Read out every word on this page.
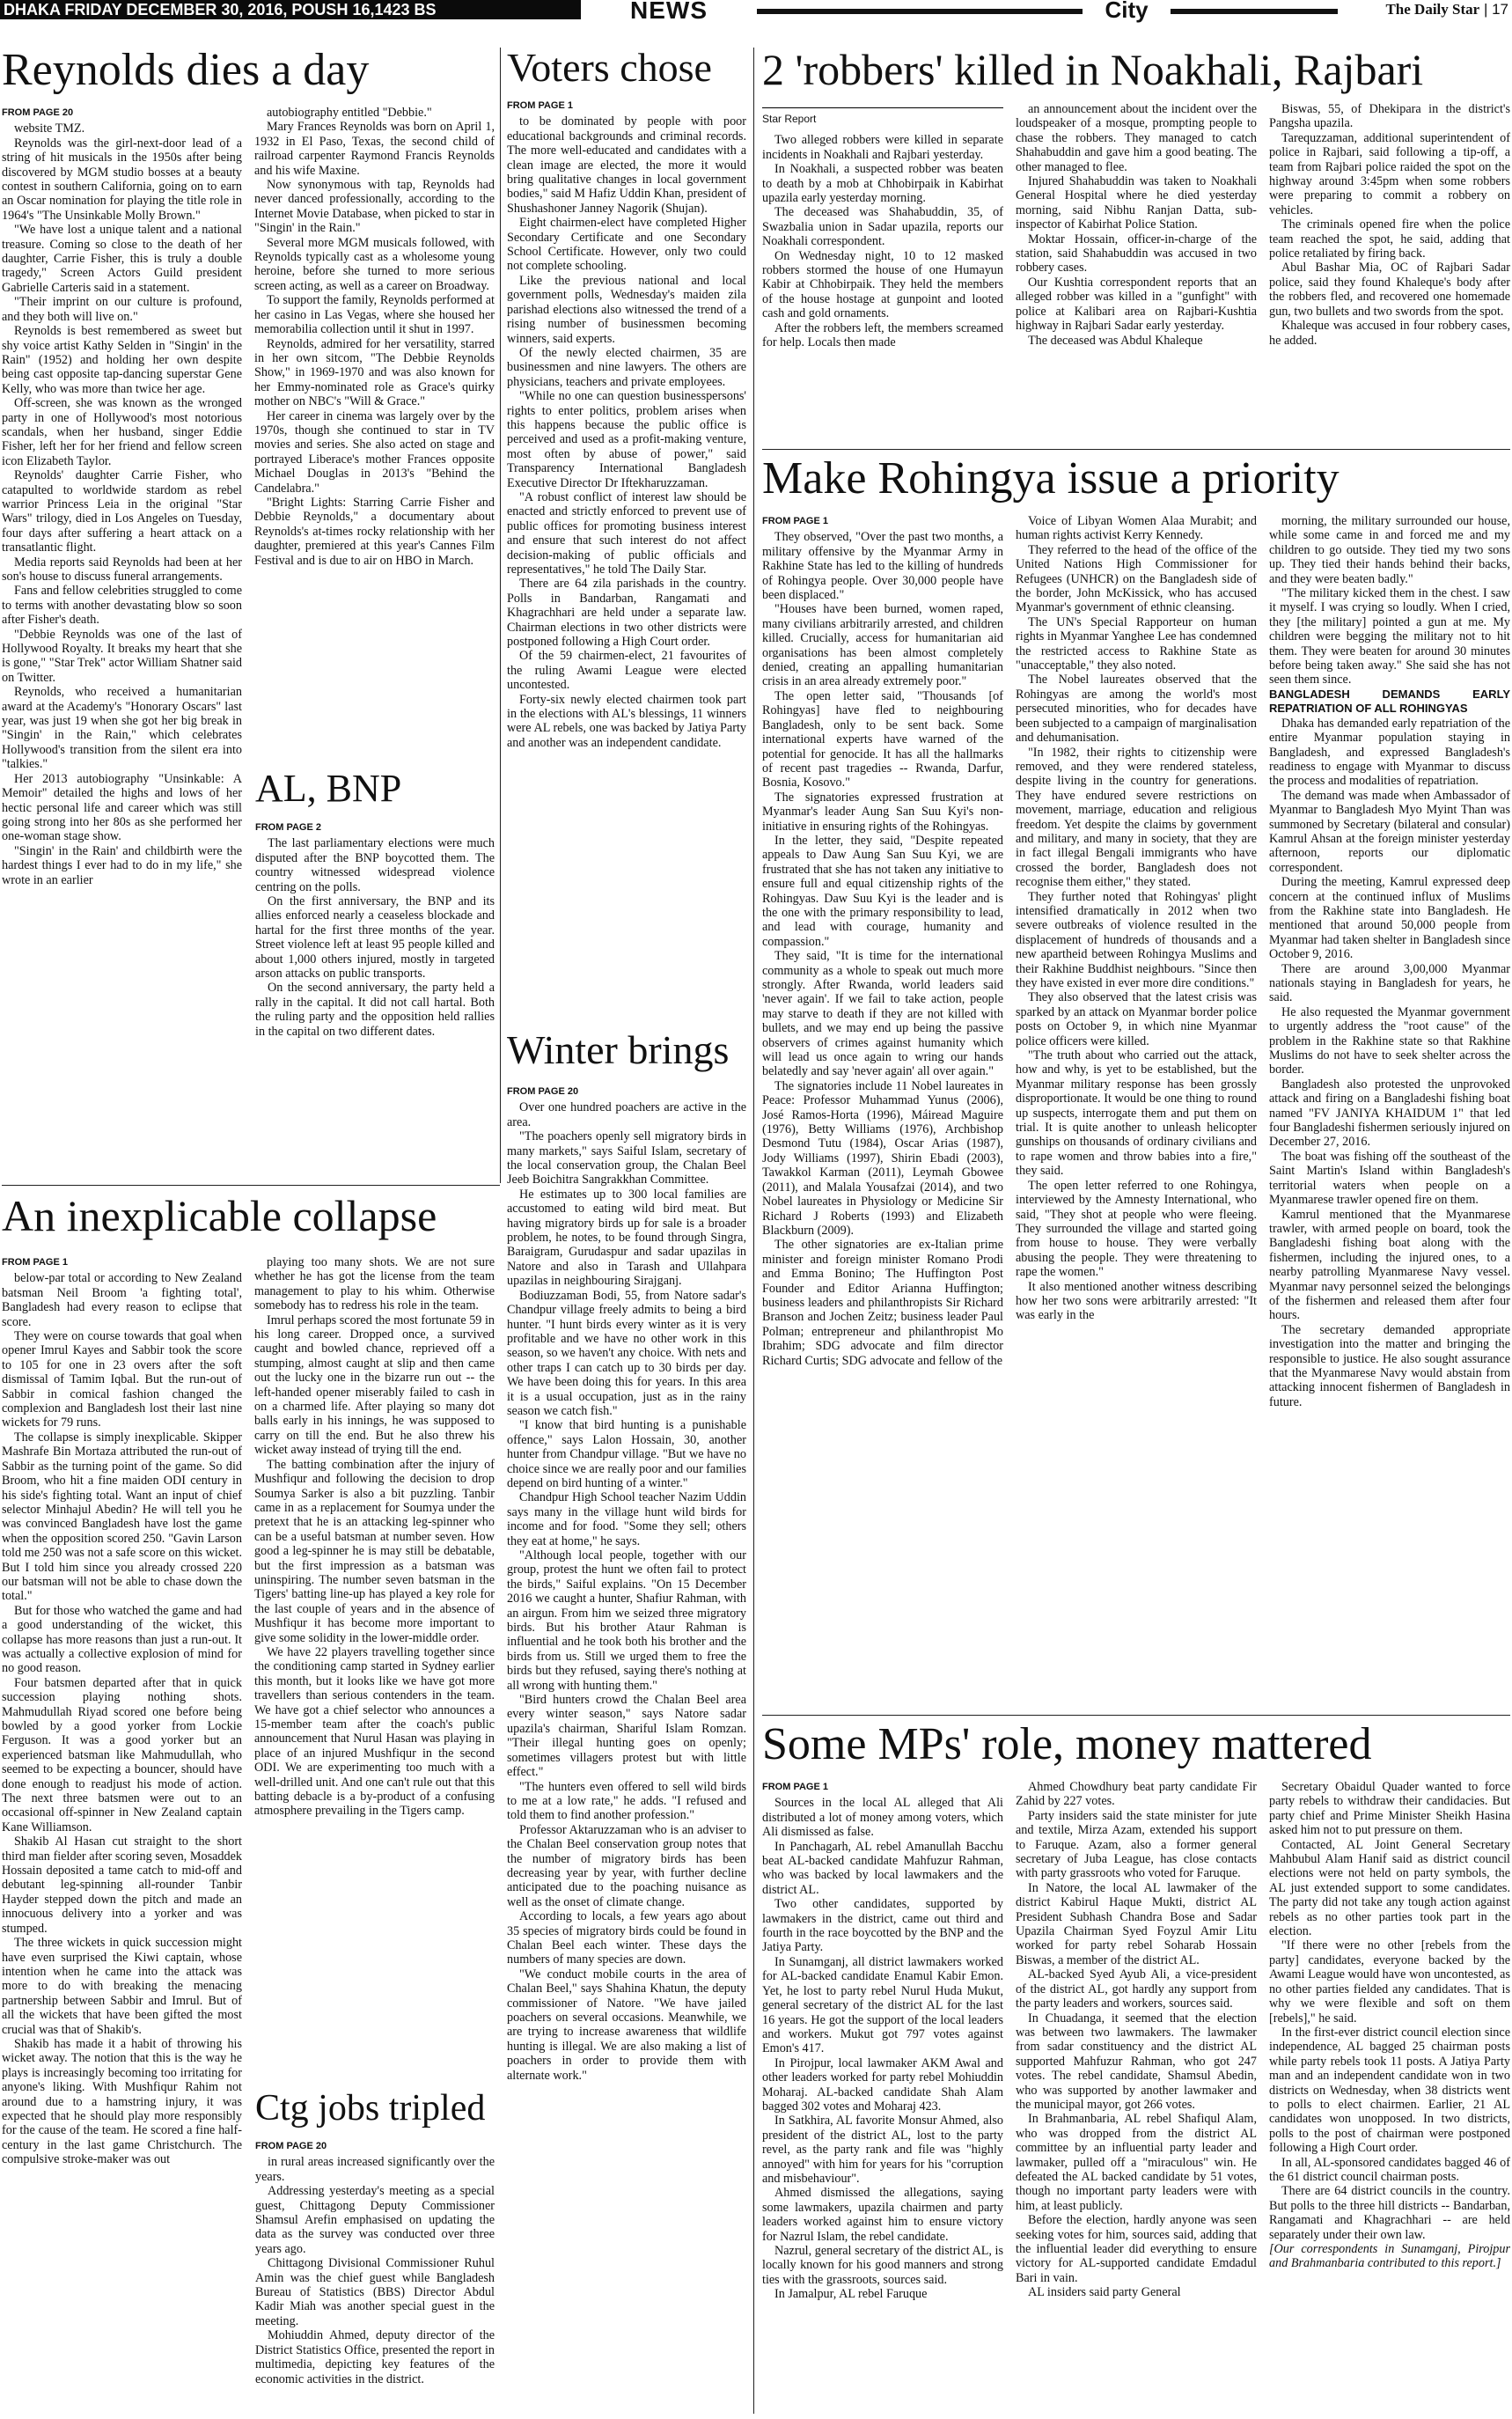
DHAKA FRIDAY DECEMBER 30, 2016, POUSH 16,1423 BS	NEWS	City	The Daily Star | 17
Reynolds dies a day

FROM PAGE 20

website TMZ.

Reynolds was the girl-next-door lead of a string of hit musicals in the 1950s after being discovered by MGM studio bosses at a beauty contest in southern California, going on to earn an Oscar nomination for playing the title role in 1964's "The Unsinkable Molly Brown."

"We have lost a unique talent and a national treasure. Coming so close to the death of her daughter, Carrie Fisher, this is truly a double tragedy," Screen Actors Guild president Gabrielle Carteris said in a statement.

"Their imprint on our culture is profound, and they both will live on."

Reynolds is best remembered as sweet but shy voice artist Kathy Selden in "Singin' in the Rain" (1952) and holding her own despite being cast opposite tap-dancing superstar Gene Kelly, who was more than twice her age.

Off-screen, she was known as the wronged party in one of Hollywood's most notorious scandals, when her husband, singer Eddie Fisher, left her for her friend and fellow screen icon Elizabeth Taylor.

Reynolds' daughter Carrie Fisher, who catapulted to worldwide stardom as rebel warrior Princess Leia in the original "Star Wars" trilogy, died in Los Angeles on Tuesday, four days after suffering a heart attack on a transatlantic flight.

Media reports said Reynolds had been at her son's house to discuss funeral arrangements.

Fans and fellow celebrities struggled to come to terms with another devastating blow so soon after Fisher's death.

"Debbie Reynolds was one of the last of Hollywood Royalty. It breaks my heart that she is gone," "Star Trek" actor William Shatner said on Twitter.

Reynolds, who received a humanitarian award at the Academy's "Honorary Oscars" last year, was just 19 when she got her big break in "Singin' in the Rain," which celebrates Hollywood's transition from the silent era into "talkies."

Her 2013 autobiography "Unsinkable: A Memoir" detailed the highs and lows of her hectic personal life and career which was still going strong into her 80s as she performed her one-woman stage show.

"Singin' in the Rain' and childbirth were the hardest things I ever had to do in my life," she wrote in an earlier

autobiography entitled "Debbie."

Mary Frances Reynolds was born on April 1, 1932 in El Paso, Texas, the second child of railroad carpenter Raymond Francis Reynolds and his wife Maxine.

Now synonymous with tap, Reynolds had never danced professionally, according to the Internet Movie Database, when picked to star in "Singin' in the Rain."

Several more MGM musicals followed, with Reynolds typically cast as a wholesome young heroine, before she turned to more serious screen acting, as well as a career on Broadway.

To support the family, Reynolds performed at her casino in Las Vegas, where she housed her memorabilia collection until it shut in 1997.

Reynolds, admired for her versatility, starred in her own sitcom, "The Debbie Reynolds Show," in 1969-1970 and was also known for her Emmy-nominated role as Grace's quirky mother on NBC's "Will & Grace."

Her career in cinema was largely over by the 1970s, though she continued to star in TV movies and series. She also acted on stage and portrayed Liberace's mother Frances opposite Michael Douglas in 2013's "Behind the Candelabra."

"Bright Lights: Starring Carrie Fisher and Debbie Reynolds," a documentary about Reynolds's at-times rocky relationship with her daughter, premiered at this year's Cannes Film Festival and is due to air on HBO in March.

AL, BNP

FROM PAGE 2

The last parliamentary elections were much disputed after the BNP boycotted them. The country witnessed widespread violence centring on the polls.

On the first anniversary, the BNP and its allies enforced nearly a ceaseless blockade and hartal for the first three months of the year. Street violence left at least 95 people killed and about 1,000 others injured, mostly in targeted arson attacks on public transports.

On the second anniversary, the party held a rally in the capital. It did not call hartal. Both the ruling party and the opposition held rallies in the capital on two different dates.

Voters chose

FROM PAGE 1

to be dominated by people with poor educational backgrounds and criminal records. The more well-educated and candidates with a clean image are elected, the more it would bring qualitative changes in local government bodies," said M Hafiz Uddin Khan, president of Shushashoner Janney Nagorik (Shujan).

Eight chairmen-elect have completed Higher Secondary Certificate and one Secondary School Certificate. However, only two could not complete schooling.

Like the previous national and local government polls, Wednesday's maiden zila parishad elections also witnessed the trend of a rising number of businessmen becoming winners, said experts.

Of the newly elected chairmen, 35 are businessmen and nine lawyers. The others are physicians, teachers and private employees.

"While no one can question businesspersons' rights to enter politics, problem arises when this happens because the public office is perceived and used as a profit-making venture, most often by abuse of power," said Transparency International Bangladesh Executive Director Dr Iftekharuzzaman.

"A robust conflict of interest law should be enacted and strictly enforced to prevent use of public offices for promoting business interest and ensure that such interest do not affect decision-making of public officials and representatives," he told The Daily Star.

There are 64 zila parishads in the country. Polls in Bandarban, Rangamati and Khagrachhari are held under a separate law. Chairman elections in two other districts were postponed following a High Court order.

Of the 59 chairmen-elect, 21 favourites of the ruling Awami League were elected uncontested.

Forty-six newly elected chairmen took part in the elections with AL's blessings, 11 winners were AL rebels, one was backed by Jatiya Party and another was an independent candidate.

Winter brings

FROM PAGE 20

Over one hundred poachers are active in the area.

"The poachers openly sell migratory birds in many markets," says Saiful Islam, secretary of the local conservation group, the Chalan Beel Jeeb Boichitra Sangrakkhan Committee.

He estimates up to 300 local families are accustomed to eating wild bird meat. But having migratory birds up for sale is a broader problem, he notes, to be found through Singra, Baraigram, Gurudaspur and sadar upazilas in Natore and also in Tarash and Ullahpara upazilas in neighbouring Sirajganj.

Bodiuzzaman Bodi, 55, from Natore sadar's Chandpur village freely admits to being a bird hunter. "I hunt birds every winter as it is very profitable and we have no other work in this season, so we haven't any choice. With nets and other traps I can catch up to 30 birds per day. We have been doing this for years. In this area it is a usual occupation, just as in the rainy season we catch fish."

"I know that bird hunting is a punishable offence," says Lalon Hossain, 30, another hunter from Chandpur village. "But we have no choice since we are really poor and our families depend on bird hunting of a winter."

Chandpur High School teacher Nazim Uddin says many in the village hunt wild birds for income and for food. "Some they sell; others they eat at home," he says.

"Although local people, together with our group, protest the hunt we often fail to protect the birds," Saiful explains. "On 15 December 2016 we caught a hunter, Shafiur Rahman, with an airgun. From him we seized three migratory birds. But his brother Ataur Rahman is influential and he took both his brother and the birds from us. Still we urged them to free the birds but they refused, saying there's nothing at all wrong with hunting them."

"Bird hunters crowd the Chalan Beel area every winter season," says Natore sadar upazila's chairman, Shariful Islam Romzan. "Their illegal hunting goes on openly; sometimes villagers protest but with little effect."

"The hunters even offered to sell wild birds to me at a low rate," he adds. "I refused and told them to find another profession."

Professor Aktaruzzaman who is an adviser to the Chalan Beel conservation group notes that the number of migratory birds has been decreasing year by year, with further decline anticipated due to the poaching nuisance as well as the onset of climate change.

According to locals, a few years ago about 35 species of migratory birds could be found in Chalan Beel each winter. These days the numbers of many species are down.

"We conduct mobile courts in the area of Chalan Beel," says Shahina Khatun, the deputy commissioner of Natore. "We have jailed poachers on several occasions. Meanwhile, we are trying to increase awareness that wildlife hunting is illegal. We are also making a list of poachers in order to provide them with alternate work."

An inexplicable collapse

FROM PAGE 1

below-par total or according to New Zealand batsman Neil Broom 'a fighting total', Bangladesh had every reason to eclipse that score.

They were on course towards that goal when opener Imrul Kayes and Sabbir took the score to 105 for one in 23 overs after the soft dismissal of Tamim Iqbal. But the run-out of Sabbir in comical fashion changed the complexion and Bangladesh lost their last nine wickets for 79 runs.

The collapse is simply inexplicable. Skipper Mashrafe Bin Mortaza attributed the run-out of Sabbir as the turning point of the game. So did Broom, who hit a fine maiden ODI century in his side's fighting total. Want an input of chief selector Minhajul Abedin? He will tell you he was convinced Bangladesh have lost the game when the opposition scored 250. "Gavin Larson told me 250 was not a safe score on this wicket. But I told him since you already crossed 220 our batsman will not be able to chase down the total."

But for those who watched the game and had a good understanding of the wicket, this collapse has more reasons than just a run-out. It was actually a collective explosion of mind for no good reason.

Four batsmen departed after that in quick succession playing nothing shots. Mahmudullah Riyad scored one before being bowled by a good yorker from Lockie Ferguson. It was a good yorker but an experienced batsman like Mahmudullah, who seemed to be expecting a bouncer, should have done enough to readjust his mode of action. The next three batsmen were out to an occasional off-spinner in New Zealand captain Kane Williamson.

Shakib Al Hasan cut straight to the short third man fielder after scoring seven, Mosaddek Hossain deposited a tame catch to mid-off and debutant leg-spinning all-rounder Tanbir Hayder stepped down the pitch and made an innocuous delivery into a yorker and was stumped.

The three wickets in quick succession might have even surprised the Kiwi captain, whose intention when he came into the attack was more to do with breaking the menacing partnership between Sabbir and Imrul. But of all the wickets that have been gifted the most crucial was that of Shakib's.

Shakib has made it a habit of throwing his wicket away. The notion that this is the way he plays is increasingly becoming too irritating for anyone's liking. With Mushfiqur Rahim not around due to a hamstring injury, it was expected that he should play more responsibly for the cause of the team. He scored a fine half-century in the last game Christchurch. The compulsive stroke-maker was out

playing too many shots. We are not sure whether he has got the license from the team management to play to his whim. Otherwise somebody has to redress his role in the team.

Imrul perhaps scored the most fortunate 59 in his long career. Dropped once, a survived caught and bowled chance, reprieved off a stumping, almost caught at slip and then came out the lucky one in the bizarre run out -- the left-handed opener miserably failed to cash in on a charmed life. After playing so many dot balls early in his innings, he was supposed to carry on till the end. But he also threw his wicket away instead of trying till the end.

The batting combination after the injury of Mushfiqur and following the decision to drop Soumya Sarker is also a bit puzzling. Tanbir came in as a replacement for Soumya under the pretext that he is an attacking leg-spinner who can be a useful batsman at number seven. How good a leg-spinner he is may still be debatable, but the first impression as a batsman was uninspiring. The number seven batsman in the Tigers' batting line-up has played a key role for the last couple of years and in the absence of Mushfiqur it has become more important to give some solidity in the lower-middle order.

We have 22 players travelling together since the conditioning camp started in Sydney earlier this month, but it looks like we have got more travellers than serious contenders in the team. We have got a chief selector who announces a 15-member team after the coach's public announcement that Nurul Hasan was playing in place of an injured Mushfiqur in the second ODI. We are experimenting too much with a well-drilled unit. And one can't rule out that this batting debacle is a by-product of a confusing atmosphere prevailing in the Tigers camp.

Ctg jobs tripled

FROM PAGE 20

in rural areas increased significantly over the years.

Addressing yesterday's meeting as a special guest, Chittagong Deputy Commissioner Shamsul Arefin emphasised on updating the data as the survey was conducted over three years ago.

Chittagong Divisional Commissioner Ruhul Amin was the chief guest while Bangladesh Bureau of Statistics (BBS) Director Abdul Kadir Miah was another special guest in the meeting.

Mohiuddin Ahmed, deputy director of the District Statistics Office, presented the report in multimedia, depicting key features of the economic activities in the district.

2 'robbers' killed in Noakhali, Rajbari

Star Report

Two alleged robbers were killed in separate incidents in Noakhali and Rajbari yesterday.

In Noakhali, a suspected robber was beaten to death by a mob at Chhobirpaik in Kabirhat upazila early yesterday morning.

The deceased was Shahabuddin, 35, of Swazbalia union in Sadar upazila, reports our Noakhali correspondent.

On Wednesday night, 10 to 12 masked robbers stormed the house of one Humayun Kabir at Chhobirpaik. They held the members of the house hostage at gunpoint and looted cash and gold ornaments.

After the robbers left, the members screamed for help. Locals then made

an announcement about the incident over the loudspeaker of a mosque, prompting people to chase the robbers. They managed to catch Shahabuddin and gave him a good beating. The other managed to flee.

Injured Shahabuddin was taken to Noakhali General Hospital where he died yesterday morning, said Nibhu Ranjan Datta, sub-inspector of Kabirhat Police Station.

Moktar Hossain, officer-in-charge of the station, said Shahabuddin was accused in two robbery cases.

Our Kushtia correspondent reports that an alleged robber was killed in a "gunfight" with police at Kalibari area on Rajbari-Kushtia highway in Rajbari Sadar early yesterday.

The deceased was Abdul Khaleque

Biswas, 55, of Dhekipara in the district's Pangsha upazila.

Tarequzzaman, additional superintendent of police in Rajbari, said following a tip-off, a team from Rajbari police raided the spot on the highway around 3:45pm when some robbers were preparing to commit a robbery on vehicles.

The criminals opened fire when the police team reached the spot, he said, adding that police retaliated by firing back.

Abul Bashar Mia, OC of Rajbari Sadar police, said they found Khaleque's body after the robbers fled, and recovered one homemade gun, two bullets and two swords from the spot.

Khaleque was accused in four robbery cases, he added.

Make Rohingya issue a priority

FROM PAGE 1

They observed, "Over the past two months, a military offensive by the Myanmar Army in Rakhine State has led to the killing of hundreds of Rohingya people. Over 30,000 people have been displaced."

"Houses have been burned, women raped, many civilians arbitrarily arrested, and children killed. Crucially, access for humanitarian aid organisations has been almost completely denied, creating an appalling humanitarian crisis in an area already extremely poor."

The open letter said, "Thousands [of Rohingyas] have fled to neighbouring Bangladesh, only to be sent back. Some international experts have warned of the potential for genocide. It has all the hallmarks of recent past tragedies -- Rwanda, Darfur, Bosnia, Kosovo."

The signatories expressed frustration at Myanmar's leader Aung San Suu Kyi's non-initiative in ensuring rights of the Rohingyas.

In the letter, they said, "Despite repeated appeals to Daw Aung San Suu Kyi, we are frustrated that she has not taken any initiative to ensure full and equal citizenship rights of the Rohingyas. Daw Suu Kyi is the leader and is the one with the primary responsibility to lead, and lead with courage, humanity and compassion."

They said, "It is time for the international community as a whole to speak out much more strongly. After Rwanda, world leaders said 'never again'. If we fail to take action, people may starve to death if they are not killed with bullets, and we may end up being the passive observers of crimes against humanity which will lead us once again to wring our hands belatedly and say 'never again' all over again."

The signatories include 11 Nobel laureates in Peace: Professor Muhammad Yunus (2006), José Ramos-Horta (1996), Máiread Maguire (1976), Betty Williams (1976), Archbishop Desmond Tutu (1984), Oscar Arias (1987), Jody Williams (1997), Shirin Ebadi (2003), Tawakkol Karman (2011), Leymah Gbowee (2011), and Malala Yousafzai (2014), and two Nobel laureates in Physiology or Medicine Sir Richard J Roberts (1993) and Elizabeth Blackburn (2009).

The other signatories are ex-Italian prime minister and foreign minister Romano Prodi and Emma Bonino; The Huffington Post Founder and Editor Arianna Huffington; business leaders and philanthropists Sir Richard Branson and Jochen Zeitz; business leader Paul Polman; entrepreneur and philanthropist Mo Ibrahim; SDG advocate and film director Richard Curtis; SDG advocate and fellow of the

Voice of Libyan Women Alaa Murabit; and human rights activist Kerry Kennedy.

They referred to the head of the office of the United Nations High Commissioner for Refugees (UNHCR) on the Bangladesh side of the border, John McKissick, who has accused Myanmar's government of ethnic cleansing.

The UN's Special Rapporteur on human rights in Myanmar Yanghee Lee has condemned the restricted access to Rakhine State as "unacceptable," they also noted.

The Nobel laureates observed that the Rohingyas are among the world's most persecuted minorities, who for decades have been subjected to a campaign of marginalisation and dehumanisation.

"In 1982, their rights to citizenship were removed, and they were rendered stateless, despite living in the country for generations. They have endured severe restrictions on movement, marriage, education and religious freedom. Yet despite the claims by government and military, and many in society, that they are in fact illegal Bengali immigrants who have crossed the border, Bangladesh does not recognise them either," they stated.

They further noted that Rohingyas' plight intensified dramatically in 2012 when two severe outbreaks of violence resulted in the displacement of hundreds of thousands and a new apartheid between Rohingya Muslims and their Rakhine Buddhist neighbours. "Since then they have existed in ever more dire conditions."

They also observed that the latest crisis was sparked by an attack on Myanmar border police posts on October 9, in which nine Myanmar police officers were killed.

"The truth about who carried out the attack, how and why, is yet to be established, but the Myanmar military response has been grossly disproportionate. It would be one thing to round up suspects, interrogate them and put them on trial. It is quite another to unleash helicopter gunships on thousands of ordinary civilians and to rape women and throw babies into a fire," they said.

The open letter referred to one Rohingya, interviewed by the Amnesty International, who said, "They shot at people who were fleeing. They surrounded the village and started going from house to house. They were verbally abusing the people. They were threatening to rape the women."

It also mentioned another witness describing how her two sons were arbitrarily arrested: "It was early in the

morning, the military surrounded our house, while some came in and forced me and my children to go outside. They tied my two sons up. They tied their hands behind their backs, and they were beaten badly."

"The military kicked them in the chest. I saw it myself. I was crying so loudly. When I cried, they [the military] pointed a gun at me. My children were begging the military not to hit them. They were beaten for around 30 minutes before being taken away." She said she has not seen them since.

BANGLADESH DEMANDS EARLY REPATRIATION OF ALL ROHINGYAS

Dhaka has demanded early repatriation of the entire Myanmar population staying in Bangladesh, and expressed Bangladesh's readiness to engage with Myanmar to discuss the process and modalities of repatriation.

The demand was made when Ambassador of Myanmar to Bangladesh Myo Myint Than was summoned by Secretary (bilateral and consular) Kamrul Ahsan at the foreign minister yesterday afternoon, reports our diplomatic correspondent.

During the meeting, Kamrul expressed deep concern at the continued influx of Muslims from the Rakhine state into Bangladesh. He mentioned that around 50,000 people from Myanmar had taken shelter in Bangladesh since October 9, 2016.

There are around 3,00,000 Myanmar nationals staying in Bangladesh for years, he said.

He also requested the Myanmar government to urgently address the "root cause" of the problem in the Rakhine state so that Rakhine Muslims do not have to seek shelter across the border.

Bangladesh also protested the unprovoked attack and firing on a Bangladeshi fishing boat named "FV JANIYA KHAIDUM 1" that led four Bangladeshi fishermen seriously injured on December 27, 2016.

The boat was fishing off the southeast of the Saint Martin's Island within Bangladesh's territorial waters when people on a Myanmarese trawler opened fire on them.

Kamrul mentioned that the Myanmarese trawler, with armed people on board, took the Bangladeshi fishing boat along with the fishermen, including the injured ones, to a nearby patrolling Myanmarese Navy vessel. Myanmar navy personnel seized the belongings of the fishermen and released them after four hours.

The secretary demanded appropriate investigation into the matter and bringing the responsible to justice. He also sought assurance that the Myanmarese Navy would abstain from attacking innocent fishermen of Bangladesh in future.

Some MPs' role, money mattered

FROM PAGE 1

Sources in the local AL alleged that Ali distributed a lot of money among voters, which Ali dismissed as false.

In Panchagarh, AL rebel Amanullah Bacchu beat AL-backed candidate Mahfuzur Rahman, who was backed by local lawmakers and the district AL.

Two other candidates, supported by lawmakers in the district, came out third and fourth in the race boycotted by the BNP and the Jatiya Party.

In Sunamganj, all district lawmakers worked for AL-backed candidate Enamul Kabir Emon. Yet, he lost to party rebel Nurul Huda Mukut, general secretary of the district AL for the last 16 years. He got the support of the local leaders and workers. Mukut got 797 votes against Emon's 417.

In Pirojpur, local lawmaker AKM Awal and other leaders worked for party rebel Mohiuddin Moharaj. AL-backed candidate Shah Alam bagged 302 votes and Moharaj 423.

In Satkhira, AL favorite Monsur Ahmed, also president of the district AL, lost to the party revel, as the party rank and file was "highly annoyed" with him for years for his "corruption and misbehaviour".

Ahmed dismissed the allegations, saying some lawmakers, upazila chairmen and party leaders worked against him to ensure victory for Nazrul Islam, the rebel candidate.

Nazrul, general secretary of the district AL, is locally known for his good manners and strong ties with the grassroots, sources said.

In Jamalpur, AL rebel Faruque

Ahmed Chowdhury beat party candidate Fir Zahid by 227 votes.

Party insiders said the state minister for jute and textile, Mirza Azam, extended his support to Faruque. Azam, also a former general secretary of Juba League, has close contacts with party grassroots who voted for Faruque.

In Natore, the local AL lawmaker of the district Kabirul Haque Mukti, district AL President Subhash Chandra Bose and Sadar Upazila Chairman Syed Foyzul Amir Litu worked for party rebel Soharab Hossain Biswas, a member of the district AL.

AL-backed Syed Ayub Ali, a vice-president of the district AL, got hardly any support from the party leaders and workers, sources said.

In Chuadanga, it seemed that the election was between two lawmakers. The lawmaker from sadar constituency and the district AL supported Mahfuzur Rahman, who got 247 votes. The rebel candidate, Shamsul Abedin, who was supported by another lawmaker and the municipal mayor, got 266 votes.

In Brahmanbaria, AL rebel Shafiqul Alam, who was dropped from the district AL committee by an influential party leader and lawmaker, pulled off a "miraculous" win. He defeated the AL backed candidate by 51 votes, though no important party leaders were with him, at least publicly.

Before the election, hardly anyone was seen seeking votes for him, sources said, adding that the influential leader did everything to ensure victory for AL-supported candidate Emdadul Bari in vain.

AL insiders said party General

Secretary Obaidul Quader wanted to force party rebels to withdraw their candidacies. But party chief and Prime Minister Sheikh Hasina asked him not to put pressure on them.

Contacted, AL Joint General Secretary Mahbubul Alam Hanif said as district council elections were not held on party symbols, the AL just extended support to some candidates. The party did not take any tough action against rebels as no other parties took part in the election.

"If there were no other [rebels from the party] candidates, everyone backed by the Awami League would have won uncontested, as no other parties fielded any candidates. That is why we were flexible and soft on them [rebels]," he said.

In the first-ever district council election since independence, AL bagged 25 chairman posts while party rebels took 11 posts. A Jatiya Party man and an independent candidate won in two districts on Wednesday, when 38 districts went to polls to elect chairmen. Earlier, 21 AL candidates won unopposed. In two districts, polls to the post of chairman were postponed following a High Court order.

In all, AL-sponsored candidates bagged 46 of the 61 district council chairman posts.

There are 64 district councils in the country. But polls to the three hill districts -- Bandarban, Rangamati and Khagrachhari -- are held separately under their own law.

[Our correspondents in Sunamganj, Pirojpur and Brahmanbaria contributed to this report.]
